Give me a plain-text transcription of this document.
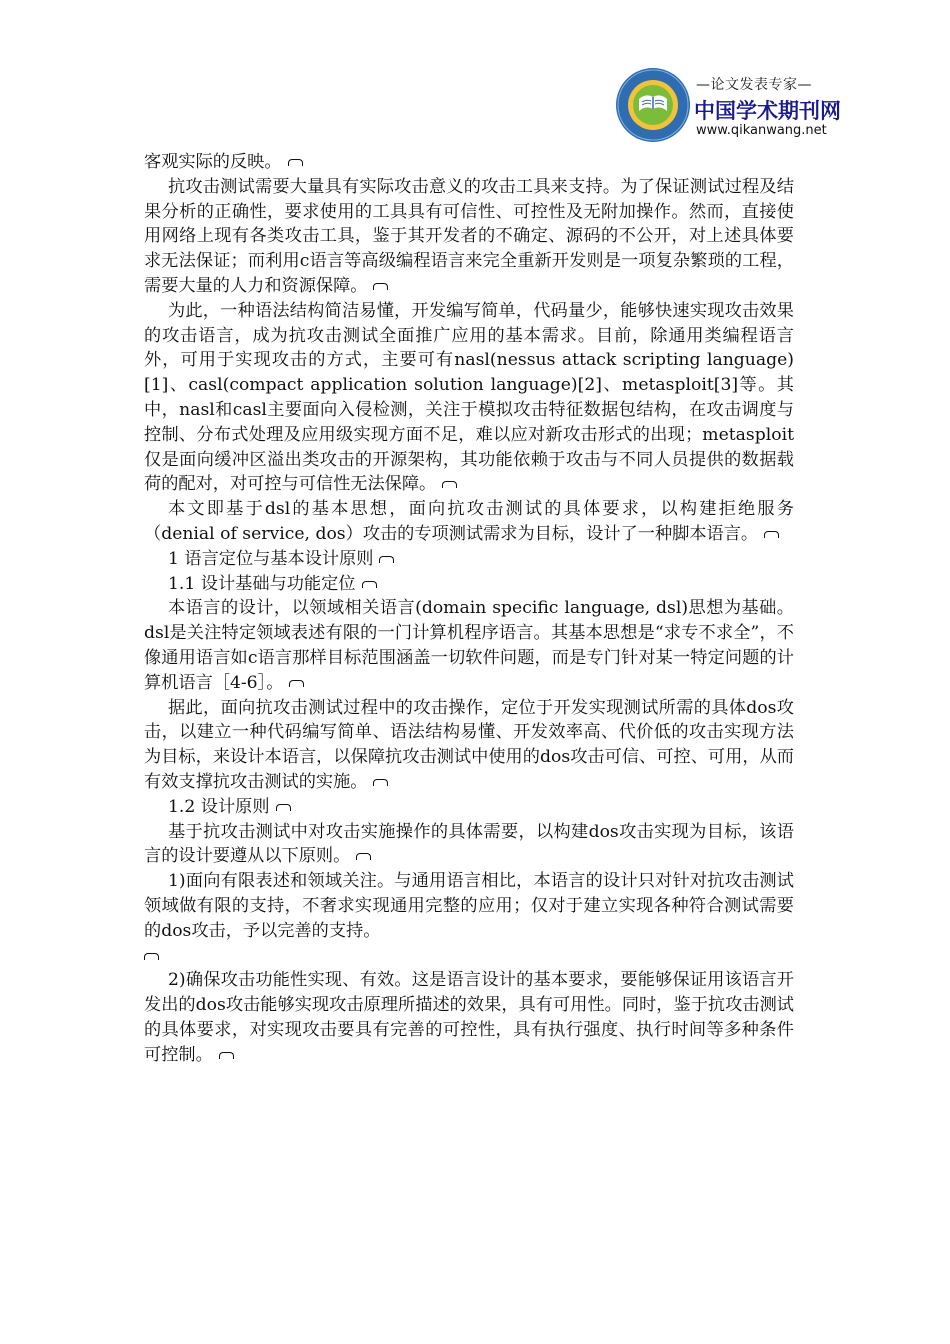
—论文发表专家—
中国学术期刊网
www.qikanwang.net

客观实际的反映。

抗攻击测试需要大量具有实际攻击意义的攻击工具来支持。为了保证测试过程及结果分析的正确性，要求使用的工具具有可信性、可控性及无附加操作。然而，直接使用网络上现有各类攻击工具，鉴于其开发者的不确定、源码的不公开，对上述具体要求无法保证；而利用c语言等高级编程语言来完全重新开发则是一项复杂繁琐的工程，需要大量的人力和资源保障。

为此，一种语法结构简洁易懂，开发编写简单，代码量少，能够快速实现攻击效果的攻击语言，成为抗攻击测试全面推广应用的基本需求。目前，除通用类编程语言外，可用于实现攻击的方式，主要可有nasl(nessus attack scripting language)[1]、casl(compact application solution language)[2]、metasploit[3]等。其中，nasl和casl主要面向入侵检测，关注于模拟攻击特征数据包结构，在攻击调度与控制、分布式处理及应用级实现方面不足，难以应对新攻击形式的出现；metasploit仅是面向缓冲区溢出类攻击的开源架构，其功能依赖于攻击与不同人员提供的数据载荷的配对，对可控与可信性无法保障。

本文即基于dsl的基本思想，面向抗攻击测试的具体要求，以构建拒绝服务（denial of service, dos）攻击的专项测试需求为目标，设计了一种脚本语言。

1 语言定位与基本设计原则

1.1 设计基础与功能定位

本语言的设计，以领域相关语言(domain specific language, dsl)思想为基础。dsl是关注特定领域表述有限的一门计算机程序语言。其基本思想是“求专不求全”，不像通用语言如c语言那样目标范围涵盖一切软件问题，而是专门针对某一特定问题的计算机语言［4-6］。

据此，面向抗攻击测试过程中的攻击操作，定位于开发实现测试所需的具体dos攻击，以建立一种代码编写简单、语法结构易懂、开发效率高、代价低的攻击实现方法为目标，来设计本语言，以保障抗攻击测试中使用的dos攻击可信、可控、可用，从而有效支撑抗攻击测试的实施。

1.2 设计原则

基于抗攻击测试中对攻击实施操作的具体需要，以构建dos攻击实现为目标，该语言的设计要遵从以下原则。

1)面向有限表述和领域关注。与通用语言相比，本语言的设计只对针对抗攻击测试领域做有限的支持，不奢求实现通用完整的应用；仅对于建立实现各种符合测试需要的dos攻击，予以完善的支持。

2)确保攻击功能性实现、有效。这是语言设计的基本要求，要能够保证用该语言开发出的dos攻击能够实现攻击原理所描述的效果，具有可用性。同时，鉴于抗攻击测试的具体要求，对实现攻击要具有完善的可控性，具有执行强度、执行时间等多种条件可控制。
